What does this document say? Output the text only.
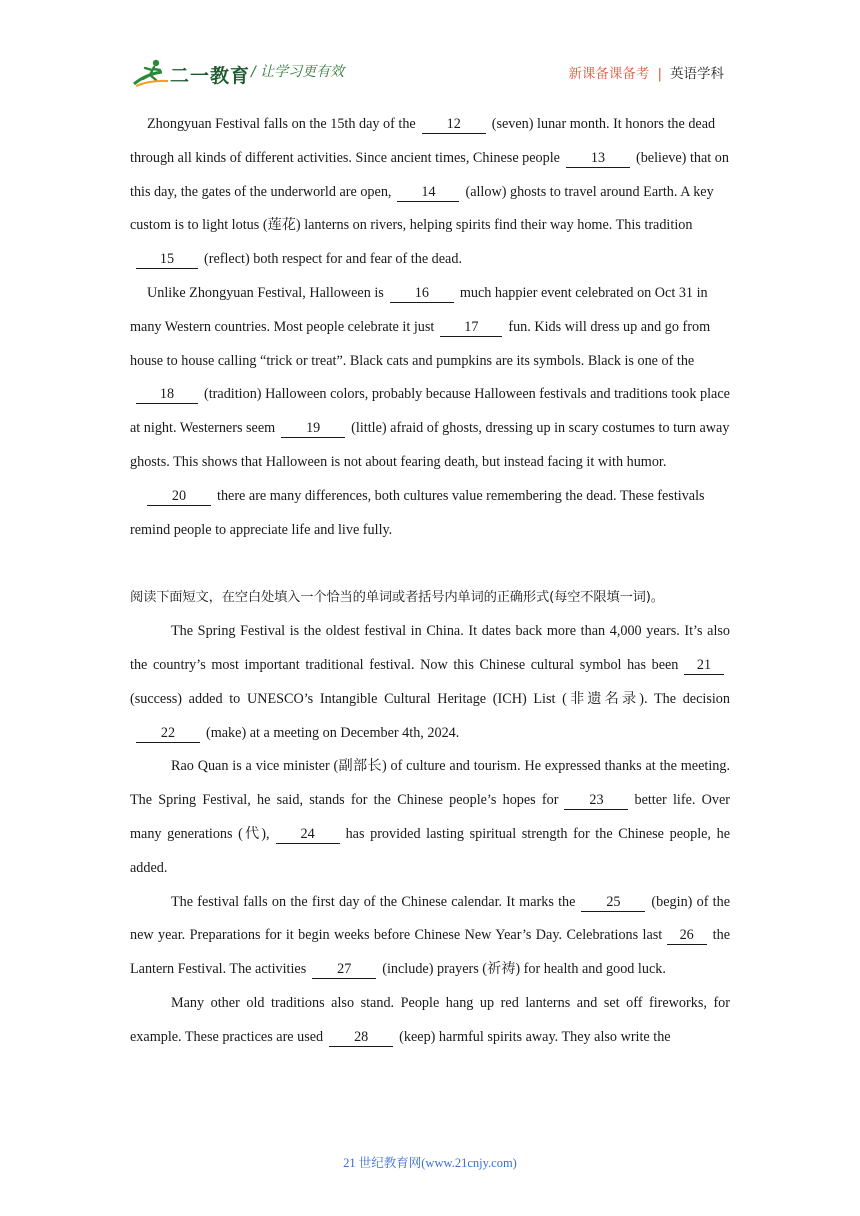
二一教育 / 让学习更有效	新课备课备考 | 英语学科

Zhongyuan Festival falls on the 15th day of the 12 (seven) lunar month. It honors the dead through all kinds of different activities. Since ancient times, Chinese people 13 (believe) that on this day, the gates of the underworld are open, 14 (allow) ghosts to travel around Earth. A key custom is to light lotus (莲花) lanterns on rivers, helping spirits find their way home. This tradition15 (reflect) both respect for and fear of the dead.

Unlike Zhongyuan Festival, Halloween is 16 much happier event celebrated on Oct 31 in many Western countries. Most people celebrate it just 17 fun. Kids will dress up and go from house to house calling “trick or treat”. Black cats and pumpkins are its symbols. Black is one of the18 (tradition) Halloween colors, probably because Halloween festivals and traditions took place at night. Westerners seem 19 (little) afraid of ghosts, dressing up in scary costumes to turn away ghosts. This shows that Halloween is not about fearing death, but instead facing it with humor.

20 there are many differences, both cultures value remembering the dead. These festivals remind people to appreciate life and live fully.

阅读下面短文，在空白处填入一个恰当的单词或者括号内单词的正确形式(每空不限填一词)。

The Spring Festival is the oldest festival in China. It dates back more than 4,000 years. It’s also the country’s most important traditional festival. Now this Chinese cultural symbol has been 21(success) added to UNESCO’s Intangible Cultural Heritage (ICH) List (非遗名录). The decision22 (make) at a meeting on December 4th, 2024.

Rao Quan is a vice minister (副部长) of culture and tourism. He expressed thanks at the meeting. The Spring Festival, he said, stands for the Chinese people’s hopes for 23 better life. Over many generations (代), 24 has provided lasting spiritual strength for the Chinese people, he added.

The festival falls on the first day of the Chinese calendar. It marks the 25 (begin) of the new year. Preparations for it begin weeks before Chinese New Year’s Day. Celebrations last 26 the Lantern Festival. The activities 27 (include) prayers (祈祷) for health and good luck.

Many other old traditions also stand. People hang up red lanterns and set off fireworks, for example. These practices are used 28 (keep) harmful spirits away. They also write the

21 世纪教育网(www.21cnjy.com)
